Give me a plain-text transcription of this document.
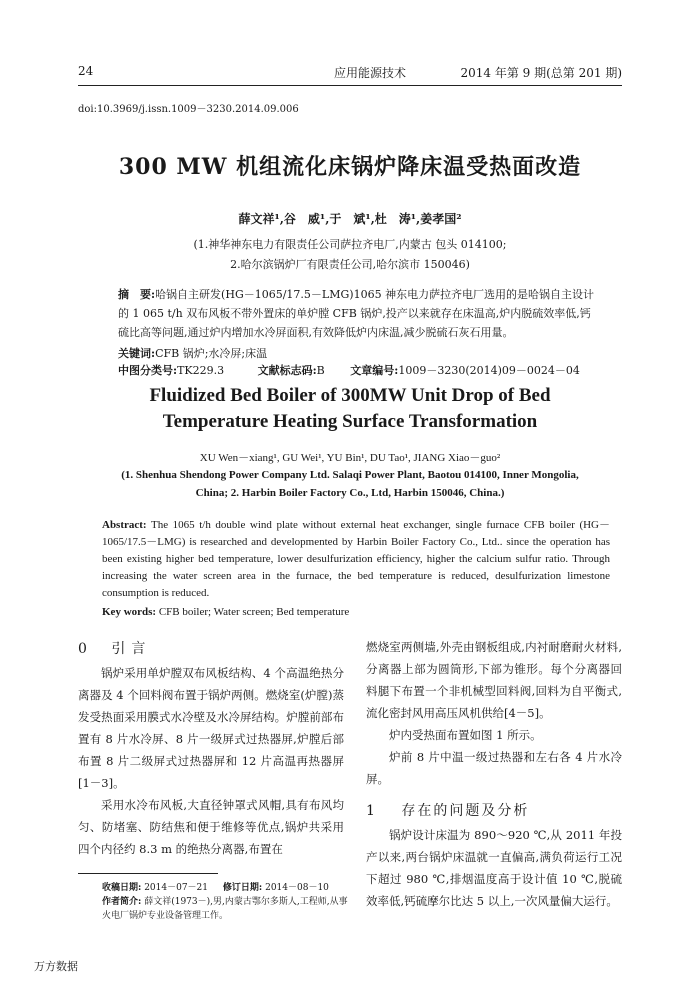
24	应用能源技术	2014 年第 9 期(总第 201 期)
doi:10.3969/j.issn.1009－3230.2014.09.006
300 MW 机组流化床锅炉降床温受热面改造
薛文祥¹,谷　威¹,于　斌¹,杜　涛¹,姜孝国²
(1.神华神东电力有限责任公司萨拉齐电厂,内蒙古 包头 014100;
2.哈尔滨锅炉厂有限责任公司,哈尔滨市 150046)
摘　要:哈锅自主研发(HG－1065/17.5－LMG)1065 神东电力萨拉齐电厂选用的是哈锅自主设计的 1 065 t/h 双布风板不带外置床的单炉膛 CFB 锅炉,投产以来就存在床温高,炉内脱硫效率低,钙硫比高等问题,通过炉内增加水冷屏面积,有效降低炉内床温,减少脱硫石灰石用量。
关键词:CFB 锅炉;水冷屏;床温
中图分类号:TK229.3	文献标志码:B 文章编号:1009－3230(2014)09－0024－04
Fluidized Bed Boiler of 300MW Unit Drop of Bed
Temperature Heating Surface Transformation
XU Wen－xiang¹, GU Wei¹, YU Bin¹, DU Tao¹, JIANG Xiao－guo²
(1. Shenhua Shendong Power Company Ltd. Salaqi Power Plant, Baotou 014100, Inner Mongolia,
China; 2. Harbin Boiler Factory Co., Ltd, Harbin 150046, China.)
Abstract: The 1065 t/h double wind plate without external heat exchanger, single furnace CFB boiler (HG－1065/17.5－LMG) is researched and developmented by Harbin Boiler Factory Co., Ltd.. since the operation has been existing higher bed temperature, lower desulfurization efficiency, higher the calcium sulfur ratio. Through increasing the water screen area in the furnace, the bed temperature is reduced, desulfurization limestone consumption is reduced.
Key words: CFB boiler; Water screen; Bed temperature
0 引言

锅炉采用单炉膛双布风板结构、4 个高温绝热分离器及 4 个回料阀布置于锅炉两侧。燃烧室(炉膛)蒸发受热面采用膜式水冷壁及水冷屏结构。炉膛前部布置有 8 片水冷屏、8 片一级屏式过热器屏,炉膛后部布置 8 片二级屏式过热器屏和 12 片高温再热器屏[1－3]。

采用水冷布风板,大直径钟罩式风帽,具有布风均匀、防堵塞、防结焦和便于维修等优点,锅炉共采用四个内径约 8.3 m 的绝热分离器,布置在

收稿日期: 2014－07－21 修订日期: 2014－08－10
作者简介: 薛文祥(1973－),男,内蒙古鄂尔多斯人,工程师,从事火电厂锅炉专业设备管理工作。

燃烧室两侧墙,外壳由钢板组成,内衬耐磨耐火材料,分离器上部为圆筒形,下部为锥形。每个分离器回料腿下布置一个非机械型回料阀,回料为自平衡式,流化密封风用高压风机供给[4－5]。

炉内受热面布置如图 1 所示。

炉前 8 片中温一级过热器和左右各 4 片水冷屏。

1 存在的问题及分析

锅炉设计床温为 890～920 ℃,从 2011 年投产以来,两台锅炉床温就一直偏高,满负荷运行工况下超过 980 ℃,排烟温度高于设计值 10 ℃,脱硫效率低,钙硫摩尔比达 5 以上,一次风量偏大运行。

万方数据
